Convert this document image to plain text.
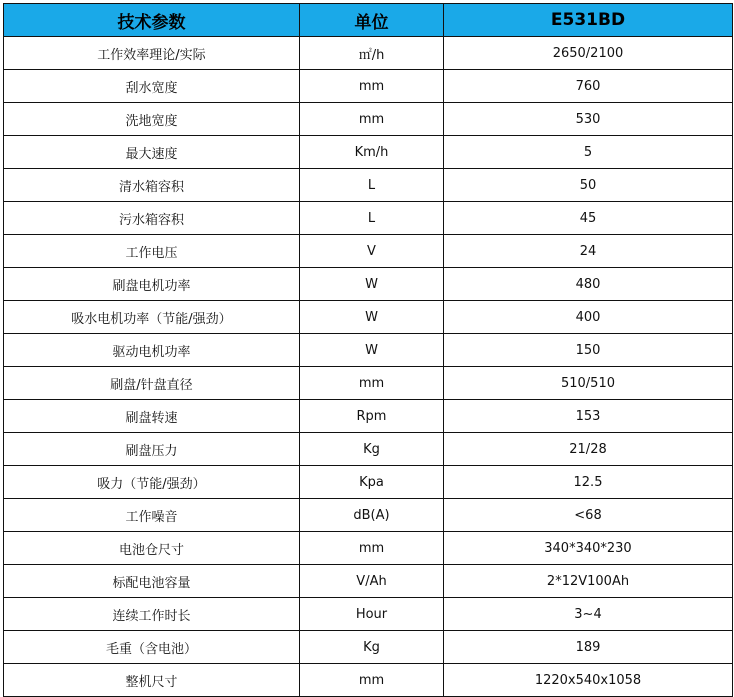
技术参数	单位	E531BD
工作效率理论/实际	㎡/h	2650/2100
刮水宽度	mm	760
洗地宽度	mm	530
最大速度	Km/h	5
清水箱容积	L	50
污水箱容积	L	45
工作电压	V	24
刷盘电机功率	W	480
吸水电机功率（节能/强劲）	W	400
驱动电机功率	W	150
刷盘/针盘直径	mm	510/510
刷盘转速	Rpm	153
刷盘压力	Kg	21/28
吸力（节能/强劲）	Kpa	12.5
工作噪音	dB(A)	<68
电池仓尺寸	mm	340*340*230
标配电池容量	V/Ah	2*12V100Ah
连续工作时长	Hour	3~4
毛重（含电池）	Kg	189
整机尺寸	mm	1220x540x1058
